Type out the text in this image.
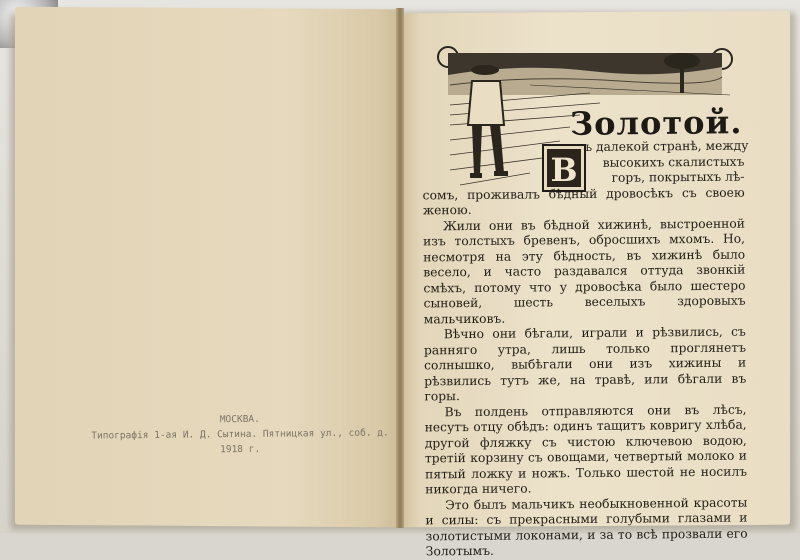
МОСКВА.
Типографія 1-ая И. Д. Сытина. Пятницкая ул., соб. д.
1918 г.
Золотой.
В

ъ далекой странѣ, между
высокихъ скалистыхъ
горъ, покрытыхъ лѣ-

сомъ, проживалъ бѣдный дровосѣкъ съ своею женою.

Жили они въ бѣдной хижинѣ, выстроенной изъ толстыхъ бревенъ, обросшихъ мхомъ. Но, несмотря на эту бѣдность, въ хижинѣ было весело, и часто раздавался оттуда звонкій смѣхъ, потому что у дровосѣка было шестеро сыновей, шесть веселыхъ здоровыхъ мальчиковъ.

Вѣчно они бѣгали, играли и рѣзвились, съ ранняго утра, лишь только проглянетъ солнышко, выбѣгали они изъ хижины и рѣзвились тутъ же, на травѣ, или бѣгали въ горы.

Въ полдень отправляются они въ лѣсъ, несутъ отцу обѣдъ: одинъ тащитъ ковригу хлѣба, другой фляжку съ чистою ключевою водою, третій корзину съ овощами, четвертый молоко и пятый ложку и ножъ. Только шестой не носилъ никогда ничего.

Это былъ мальчикъ необыкновенной красоты и силы: съ прекрасными голубыми глазами и золотистыми локонами, и за то всѣ прозвали его Золотымъ.
